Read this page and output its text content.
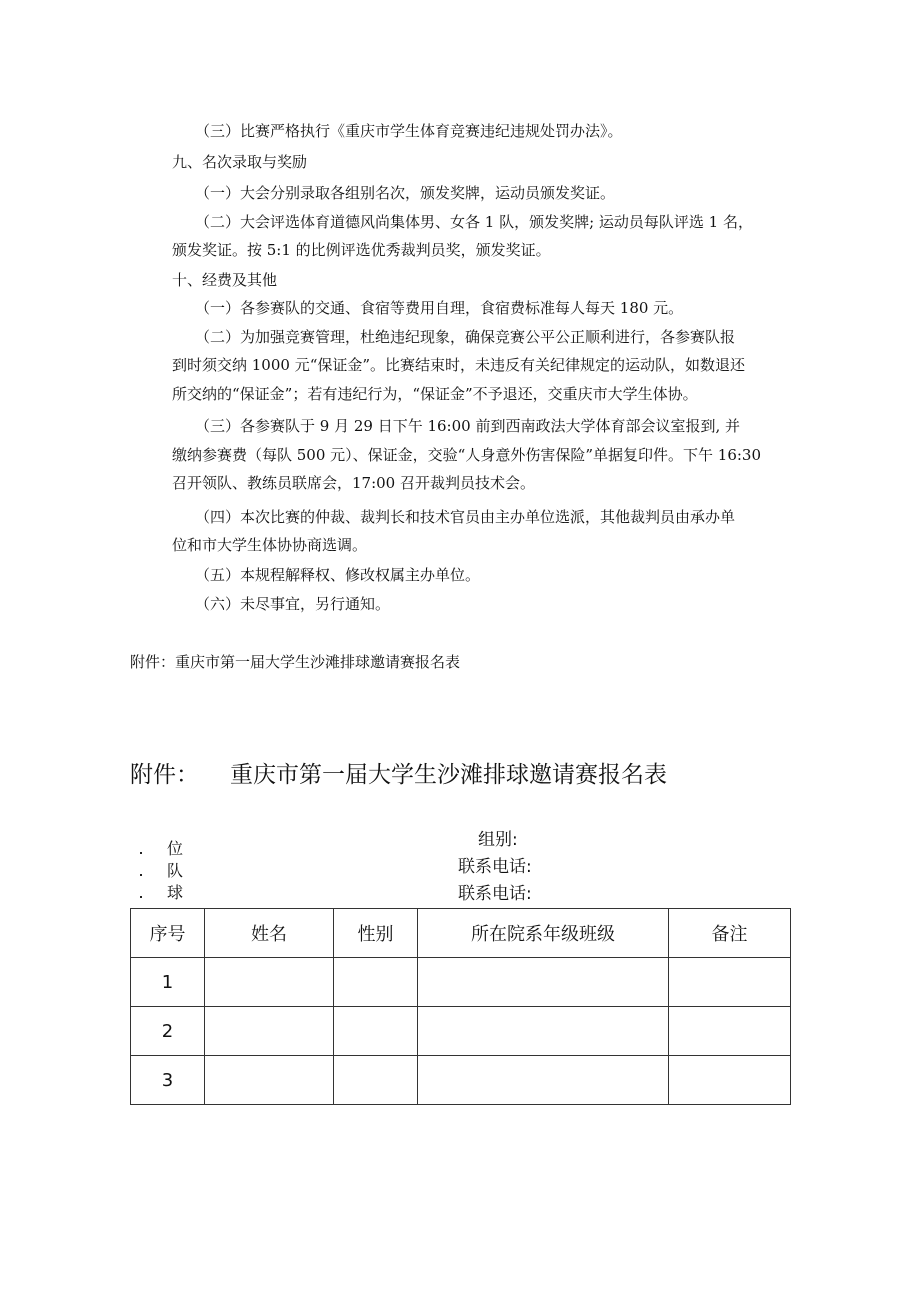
（三）比赛严格执行《重庆市学生体育竞赛违纪违规处罚办法》。

九、名次录取与奖励

（一）大会分别录取各组别名次，颁发奖牌，运动员颁发奖证。

（二）大会评选体育道德风尚集体男、女各 1 队，颁发奖牌; 运动员每队评选 1 名，

颁发奖证。按 5:1 的比例评选优秀裁判员奖，颁发奖证。

十、经费及其他

（一）各参赛队的交通、食宿等费用自理，食宿费标准每人每天 180 元。

（二）为加强竞赛管理，杜绝违纪现象，确保竞赛公平公正顺利进行，各参赛队报

到时须交纳 1000 元“保证金”。比赛结束时，未违反有关纪律规定的运动队，如数退还

所交纳的“保证金”；若有违纪行为，“保证金”不予退还，交重庆市大学生体协。

（三）各参赛队于 9 月 29 日下午 16:00 前到西南政法大学体育部会议室报到, 并

缴纳参赛费（每队 500 元）、保证金，交验“人身意外伤害保险”单据复印件。下午 16:30

召开领队、教练员联席会，17:00 召开裁判员技术会。

（四）本次比赛的仲裁、裁判长和技术官员由主办单位选派，其他裁判员由承办单

位和市大学生体协协商选调。

（五）本规程解释权、修改权属主办单位。

（六）未尽事宜，另行通知。

附件：重庆市第一届大学生沙滩排球邀请赛报名表

附件： 重庆市第一届大学生沙滩排球邀请赛报名表

位

队

球

组别:

联系电话:

联系电话:

序号	姓名	性别	所在院系年级班级	备注
1				
2				
3				
